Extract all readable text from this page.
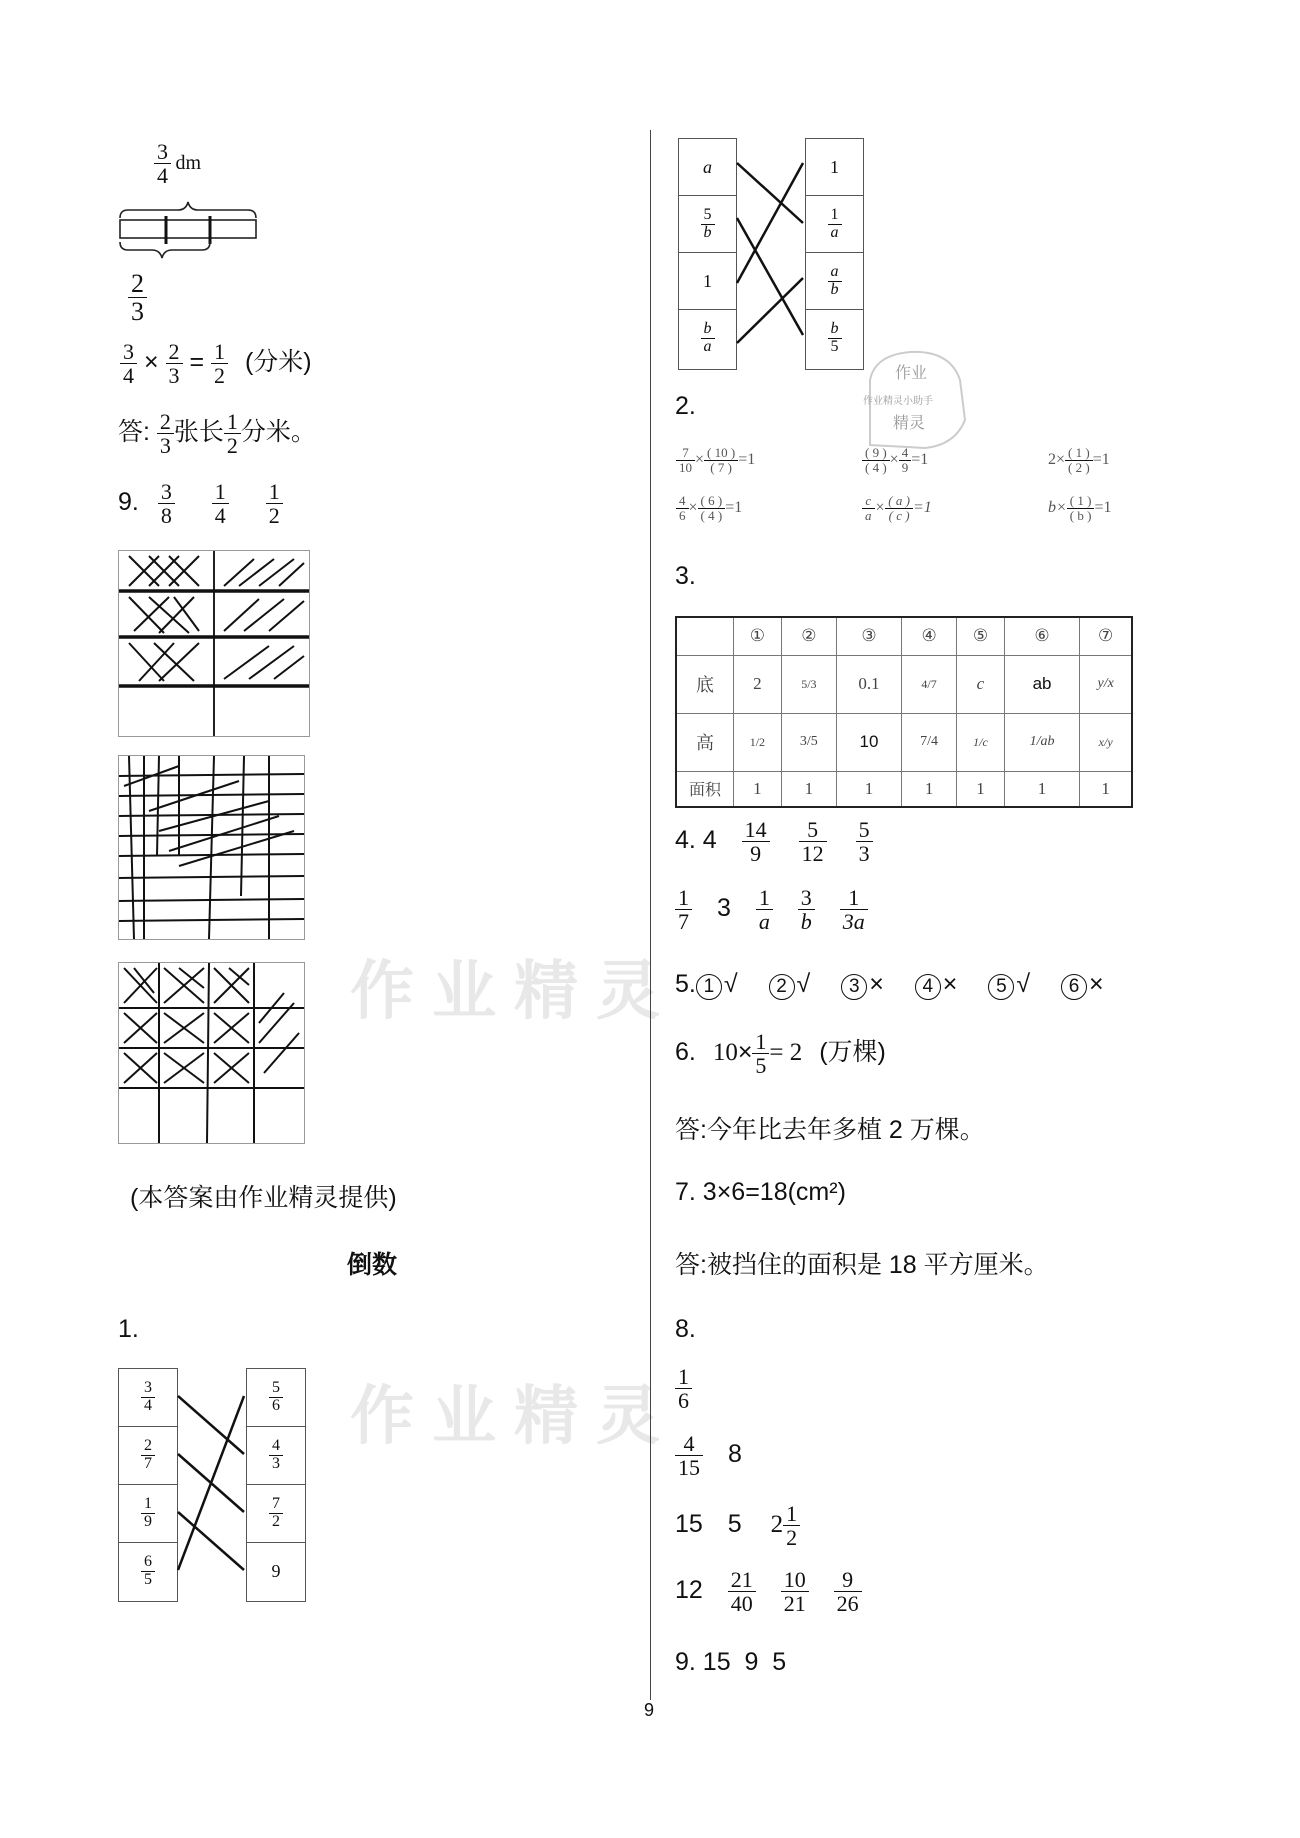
$\frac{3}{4}$ dm
$\frac{2}{3}$
$\frac{3}{4} \times \frac{2}{3} = \frac{1}{2}$ (分米)
答: $\frac{2}{3}$ 张长 $\frac{1}{2}$ 分米。
9. $\frac{3}{8}$
$\frac{1}{4}$
$\frac{1}{2}$
(本答案由作业精灵提供)
倒数
1.
$\frac{3}{4}$
$\frac{2}{7}$
$\frac{1}{9}$
$\frac{6}{5}$
$\frac{5}{6}$
$\frac{4}{3}$
$\frac{7}{2}$
9
作业精灵
作业精灵
a
$\frac{5}{b}$
1
$\frac{b}{a}$
1
$\frac{1}{a}$
$\frac{a}{b}$
$\frac{b}{5}$
作业
作业精灵小助手
精灵
2.
$\frac{7}{10} \times \frac{( 10 )}{( 7 )} =1$	$\frac{( 9 )}{( 4 )} \times \frac{4}{9} =1$	$2\times \frac{( 1 )}{( 2 )} =1$
$\frac{4}{6} \times \frac{( 6 )}{( 4 )} =1$	$\frac{c}{a} \times \frac{( a )}{( c )} =1$	$b\times \frac{( 1 )}{( b )} =1$
3.
	①	②	③	④	⑤	⑥	⑦
底	2	5/3	0.1	4/7	c	ab	y/x
高	1/2	3/5	10	7/4	1/c	1/ab	x/y
面积	1	1	1	1	1	1	1
4. $4 \frac{14}{9}$
$\frac{5}{12}$
$\frac{5}{3}$
$\frac{1}{7} 3 \frac{1}{a}$
$\frac{3}{b}$
$\frac{1}{3a}$
5. 1 √ 2 √ 3 × 4 × 5 √ 6 ×
6. $10\times \frac{1}{5} = 2$ (万棵)
答:今年比去年多植 2 万棵。
7. 3×6=18(cm²)
答:被挡住的面积是 18 平方厘米。
8.
$\frac{1}{6}$
$\frac{4}{15} 8$
15 5 $2 \frac{1}{2}$
$12 \frac{21}{40}$
$\frac{10}{21}$
$\frac{9}{26}$
9. 15  9  5
9
